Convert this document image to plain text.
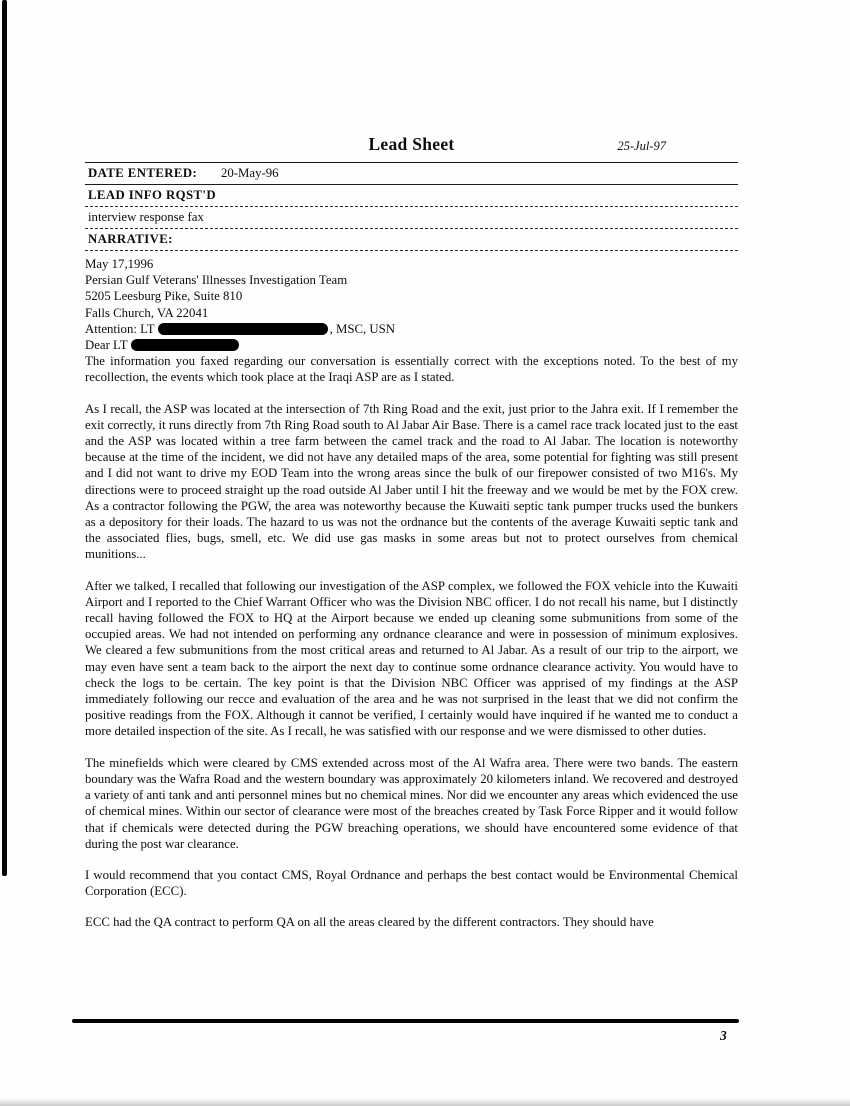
Lead Sheet	25-Jul-97
DATE ENTERED: 20-May-96
LEAD INFO RQST'D
interview response fax
NARRATIVE:
May 17,1996
Persian Gulf Veterans' Illnesses Investigation Team
5205 Leesburg Pike, Suite 810
Falls Church, VA 22041
Attention: LT	, MSC, USN
Dear LT

The information you faxed regarding our conversation is essentially correct with the exceptions noted. To the best of my recollection, the events which took place at the Iraqi ASP are as I stated.

As I recall, the ASP was located at the intersection of 7th Ring Road and the exit, just prior to the Jahra exit. If I remember the exit correctly, it runs directly from 7th Ring Road south to Al Jabar Air Base. There is a camel race track located just to the east and the ASP was located within a tree farm between the camel track and the road to Al Jabar. The location is noteworthy because at the time of the incident, we did not have any detailed maps of the area, some potential for fighting was still present and I did not want to drive my EOD Team into the wrong areas since the bulk of our firepower consisted of two M16's. My directions were to proceed straight up the road outside Al Jaber until I hit the freeway and we would be met by the FOX crew. As a contractor following the PGW, the area was noteworthy because the Kuwaiti septic tank pumper trucks used the bunkers as a depository for their loads. The hazard to us was not the ordnance but the contents of the average Kuwaiti septic tank and the associated flies, bugs, smell, etc. We did use gas masks in some areas but not to protect ourselves from chemical munitions...

After we talked, I recalled that following our investigation of the ASP complex, we followed the FOX vehicle into the Kuwaiti Airport and I reported to the Chief Warrant Officer who was the Division NBC officer. I do not recall his name, but I distinctly recall having followed the FOX to HQ at the Airport because we ended up cleaning some submunitions from some of the occupied areas. We had not intended on performing any ordnance clearance and were in possession of minimum explosives. We cleared a few submunitions from the most critical areas and returned to Al Jabar. As a result of our trip to the airport, we may even have sent a team back to the airport the next day to continue some ordnance clearance activity. You would have to check the logs to be certain. The key point is that the Division NBC Officer was apprised of my findings at the ASP immediately following our recce and evaluation of the area and he was not surprised in the least that we did not confirm the positive readings from the FOX. Although it cannot be verified, I certainly would have inquired if he wanted me to conduct a more detailed inspection of the site. As I recall, he was satisfied with our response and we were dismissed to other duties.

The minefields which were cleared by CMS extended across most of the Al Wafra area. There were two bands. The eastern boundary was the Wafra Road and the western boundary was approximately 20 kilometers inland. We recovered and destroyed a variety of anti tank and anti personnel mines but no chemical mines. Nor did we encounter any areas which evidenced the use of chemical mines. Within our sector of clearance were most of the breaches created by Task Force Ripper and it would follow that if chemicals were detected during the PGW breaching operations, we should have encountered some evidence of that during the post war clearance.

I would recommend that you contact CMS, Royal Ordnance and perhaps the best contact would be Environmental Chemical Corporation (ECC).

ECC had the QA contract to perform QA on all the areas cleared by the different contractors. They should have

3
